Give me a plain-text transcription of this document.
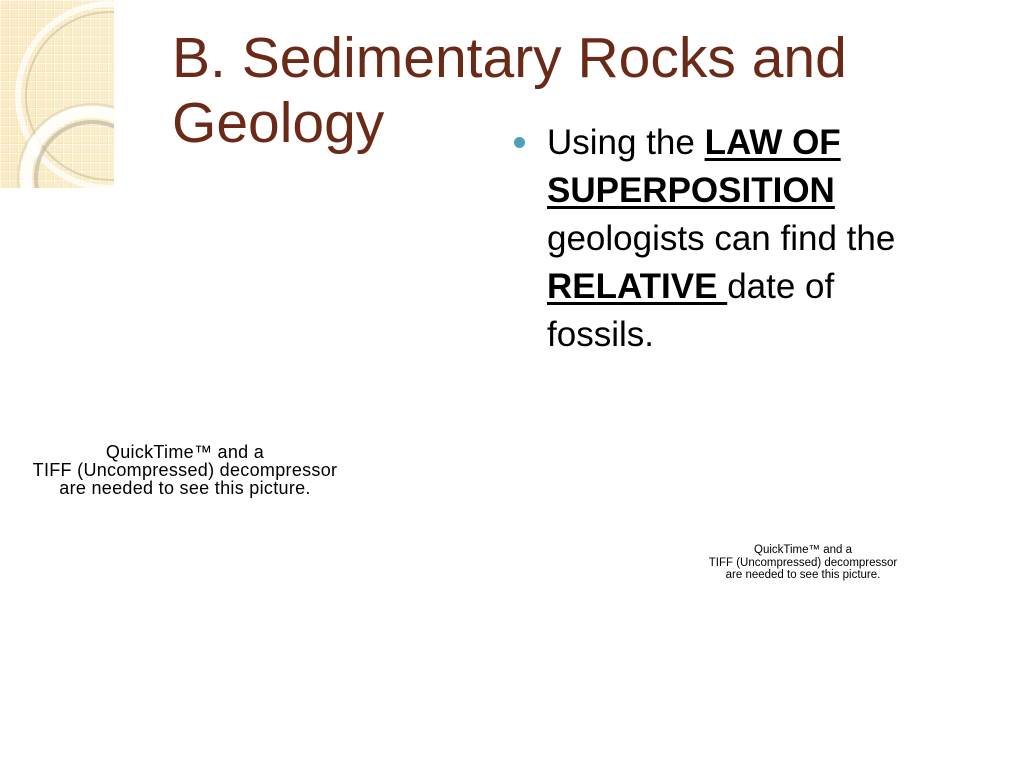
B. Sedimentary Rocks and
Geology	Using the LAW OF
SUPERPOSITION
geologists can find the
RELATIVE date of
fossils.
QuickTime™ and a
TIFF (Uncompressed) decompressor
are needed to see this picture.
QuickTime™ and a
TIFF (Uncompressed) decompressor
are needed to see this picture.
